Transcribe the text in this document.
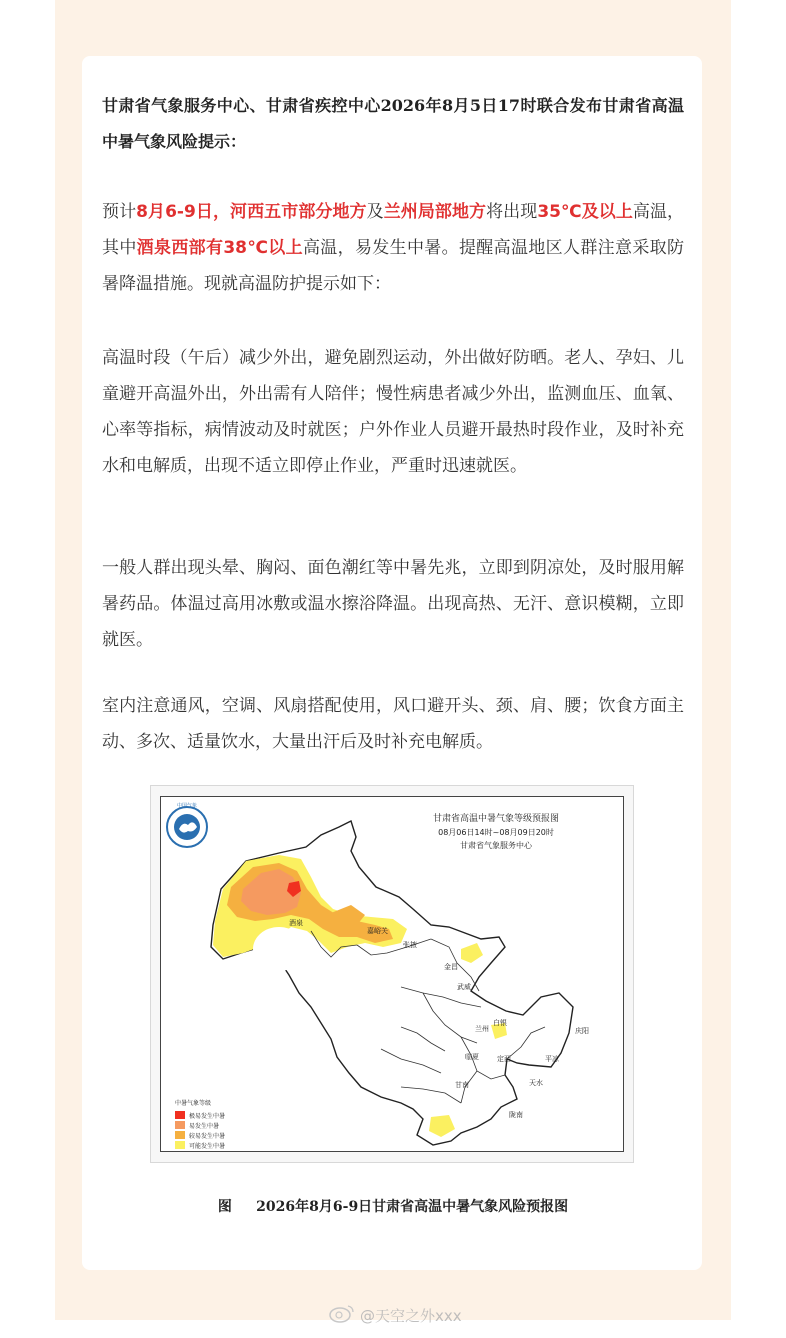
甘肃省气象服务中心、甘肃省疾控中心2026年8月5日17时联合发布甘肃省高温中暑气象风险提示：

预计8月6-9日，河西五市部分地方及兰州局部地方将出现35℃及以上高温，其中酒泉西部有38℃以上高温，易发生中暑。提醒高温地区人群注意采取防暑降温措施。现就高温防护提示如下：

高温时段（午后）减少外出，避免剧烈运动，外出做好防晒。老人、孕妇、儿童避开高温外出，外出需有人陪伴；慢性病患者减少外出，监测血压、血氧、心率等指标，病情波动及时就医；户外作业人员避开最热时段作业，及时补充水和电解质，出现不适立即停止作业，严重时迅速就医。

一般人群出现头晕、胸闷、面色潮红等中暑先兆，立即到阴凉处，及时服用解暑药品。体温过高用冰敷或温水擦浴降温。出现高热、无汗、意识模糊，立即就医。

室内注意通风，空调、风扇搭配使用，风口避开头、颈、肩、腰；饮食方面主动、多次、适量饮水，大量出汗后及时补充电解质。

中国气象
甘肃省高温中暑气象等级预报图
08月06日14时~08月09日20时
甘肃省气象服务中心
酒泉
嘉峪关
张掖
金昌
武威
白银
兰州
临夏	定西	平凉
庆阳
天水
甘南
陇南
中暑气象等级
极易发生中暑
易发生中暑
较易发生中暑
可能发生中暑
图     2026年8月6-9日甘肃省高温中暑气象风险预报图
@天空之外xxx
